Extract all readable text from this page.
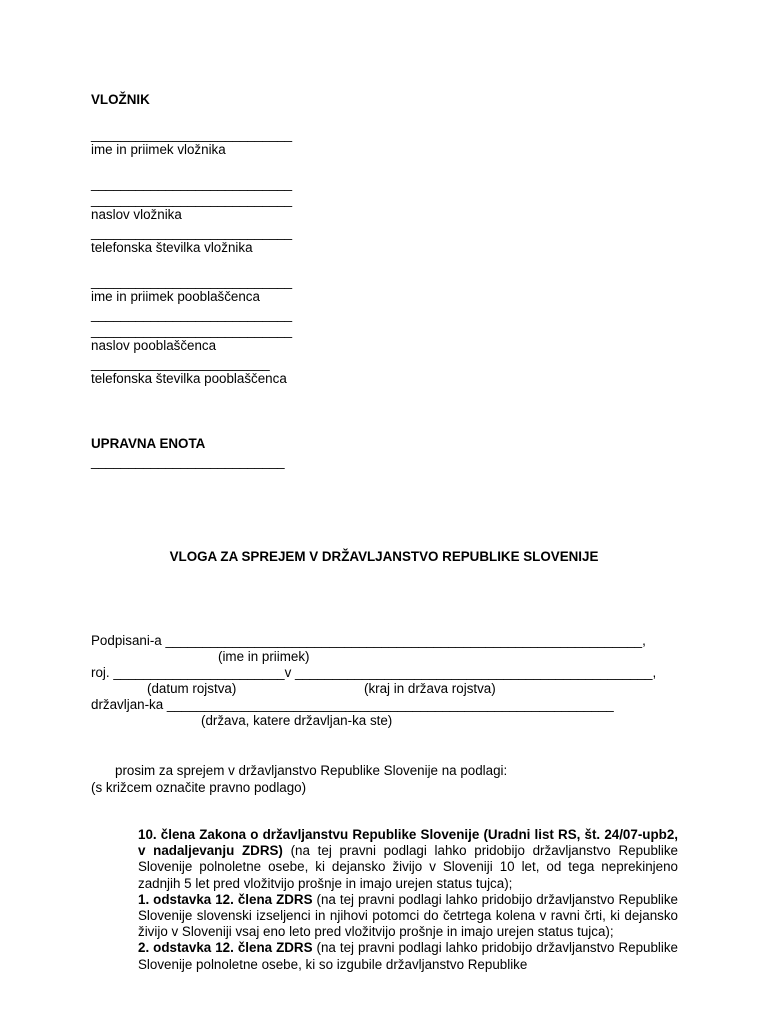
VLOŽNIK
___________________________
ime in priimek vložnika
___________________________
___________________________
naslov vložnika
___________________________
telefonska številka vložnika
___________________________
ime in priimek pooblaščenca
___________________________
___________________________
naslov pooblaščenca
________________________
telefonska številka pooblaščenca
UPRAVNA ENOTA
__________________________
VLOGA ZA SPREJEM V DRŽAVLJANSTVO REPUBLIKE SLOVENIJE
Podpisani-a ________________________________________________________________,
(ime in priimek)
roj. _______________________v ________________________________________________,
(datum rojstva)	(kraj in država rojstva)
državljan-ka ____________________________________________________________
(država, katere državljan-ka ste)
prosim za sprejem v državljanstvo Republike Slovenije na podlagi:
(s križcem označite pravno podlago)
10. člena Zakona o državljanstvu Republike Slovenije (Uradni list RS, št. 24/07-upb2, v nadaljevanju ZDRS) (na tej pravni podlagi lahko pridobijo državljanstvo Republike Slovenije polnoletne osebe, ki dejansko živijo v Sloveniji 10 let, od tega neprekinjeno zadnjih 5 let pred vložitvijo prošnje in imajo urejen status tujca);
1. odstavka 12. člena ZDRS (na tej pravni podlagi lahko pridobijo državljanstvo Republike Slovenije slovenski izseljenci in njihovi potomci do četrtega kolena v ravni črti, ki dejansko živijo v Sloveniji vsaj eno leto pred vložitvijo prošnje in imajo urejen status tujca);
2. odstavka 12. člena ZDRS (na tej pravni podlagi lahko pridobijo državljanstvo Republike Slovenije polnoletne osebe, ki so izgubile državljanstvo Republike
